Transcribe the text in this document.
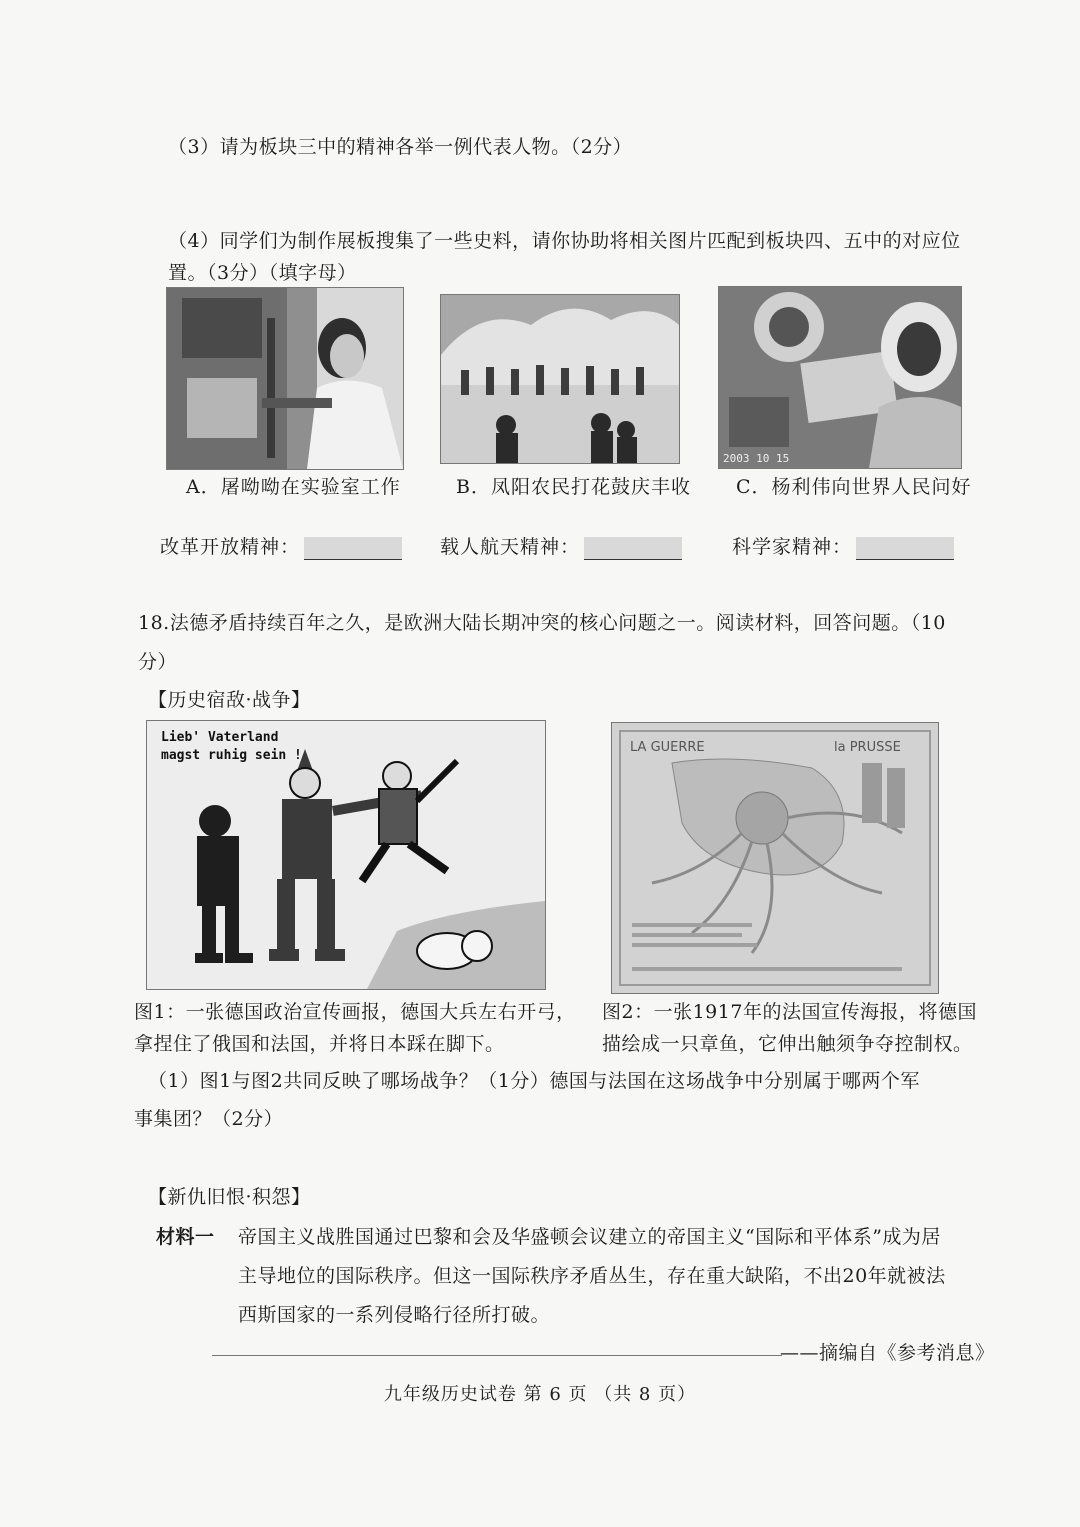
（3）请为板块三中的精神各举一例代表人物。（2分）
（4）同学们为制作展板搜集了一些史料，请你协助将相关图片匹配到板块四、五中的对应位
置。（3分）（填字母）
A．屠呦呦在实验室工作	B．凤阳农民打花鼓庆丰收
2003 10 15
C．杨利伟向世界人民问好
改革开放精神：	载人航天精神：	科学家精神：
18.法德矛盾持续百年之久，是欧洲大陆长期冲突的核心问题之一。阅读材料，回答问题。（10
分）
【历史宿敌·战争】
Lieb' Vaterland
magst ruhig sein !
LA GUERRE	la PRUSSE
图1：一张德国政治宣传画报，德国大兵左右开弓，
拿捏住了俄国和法国，并将日本踩在脚下。
图2：一张1917年的法国宣传海报，将德国
描绘成一只章鱼，它伸出触须争夺控制权。
（1）图1与图2共同反映了哪场战争？（1分）德国与法国在这场战争中分别属于哪两个军
事集团？（2分）
【新仇旧恨·积怨】
材料一 帝国主义战胜国通过巴黎和会及华盛顿会议建立的帝国主义“国际和平体系”成为居
主导地位的国际秩序。但这一国际秩序矛盾丛生，存在重大缺陷，不出20年就被法
西斯国家的一系列侵略行径所打破。
——摘编自《参考消息》
九年级历史试卷 第 6 页 （共 8 页）
